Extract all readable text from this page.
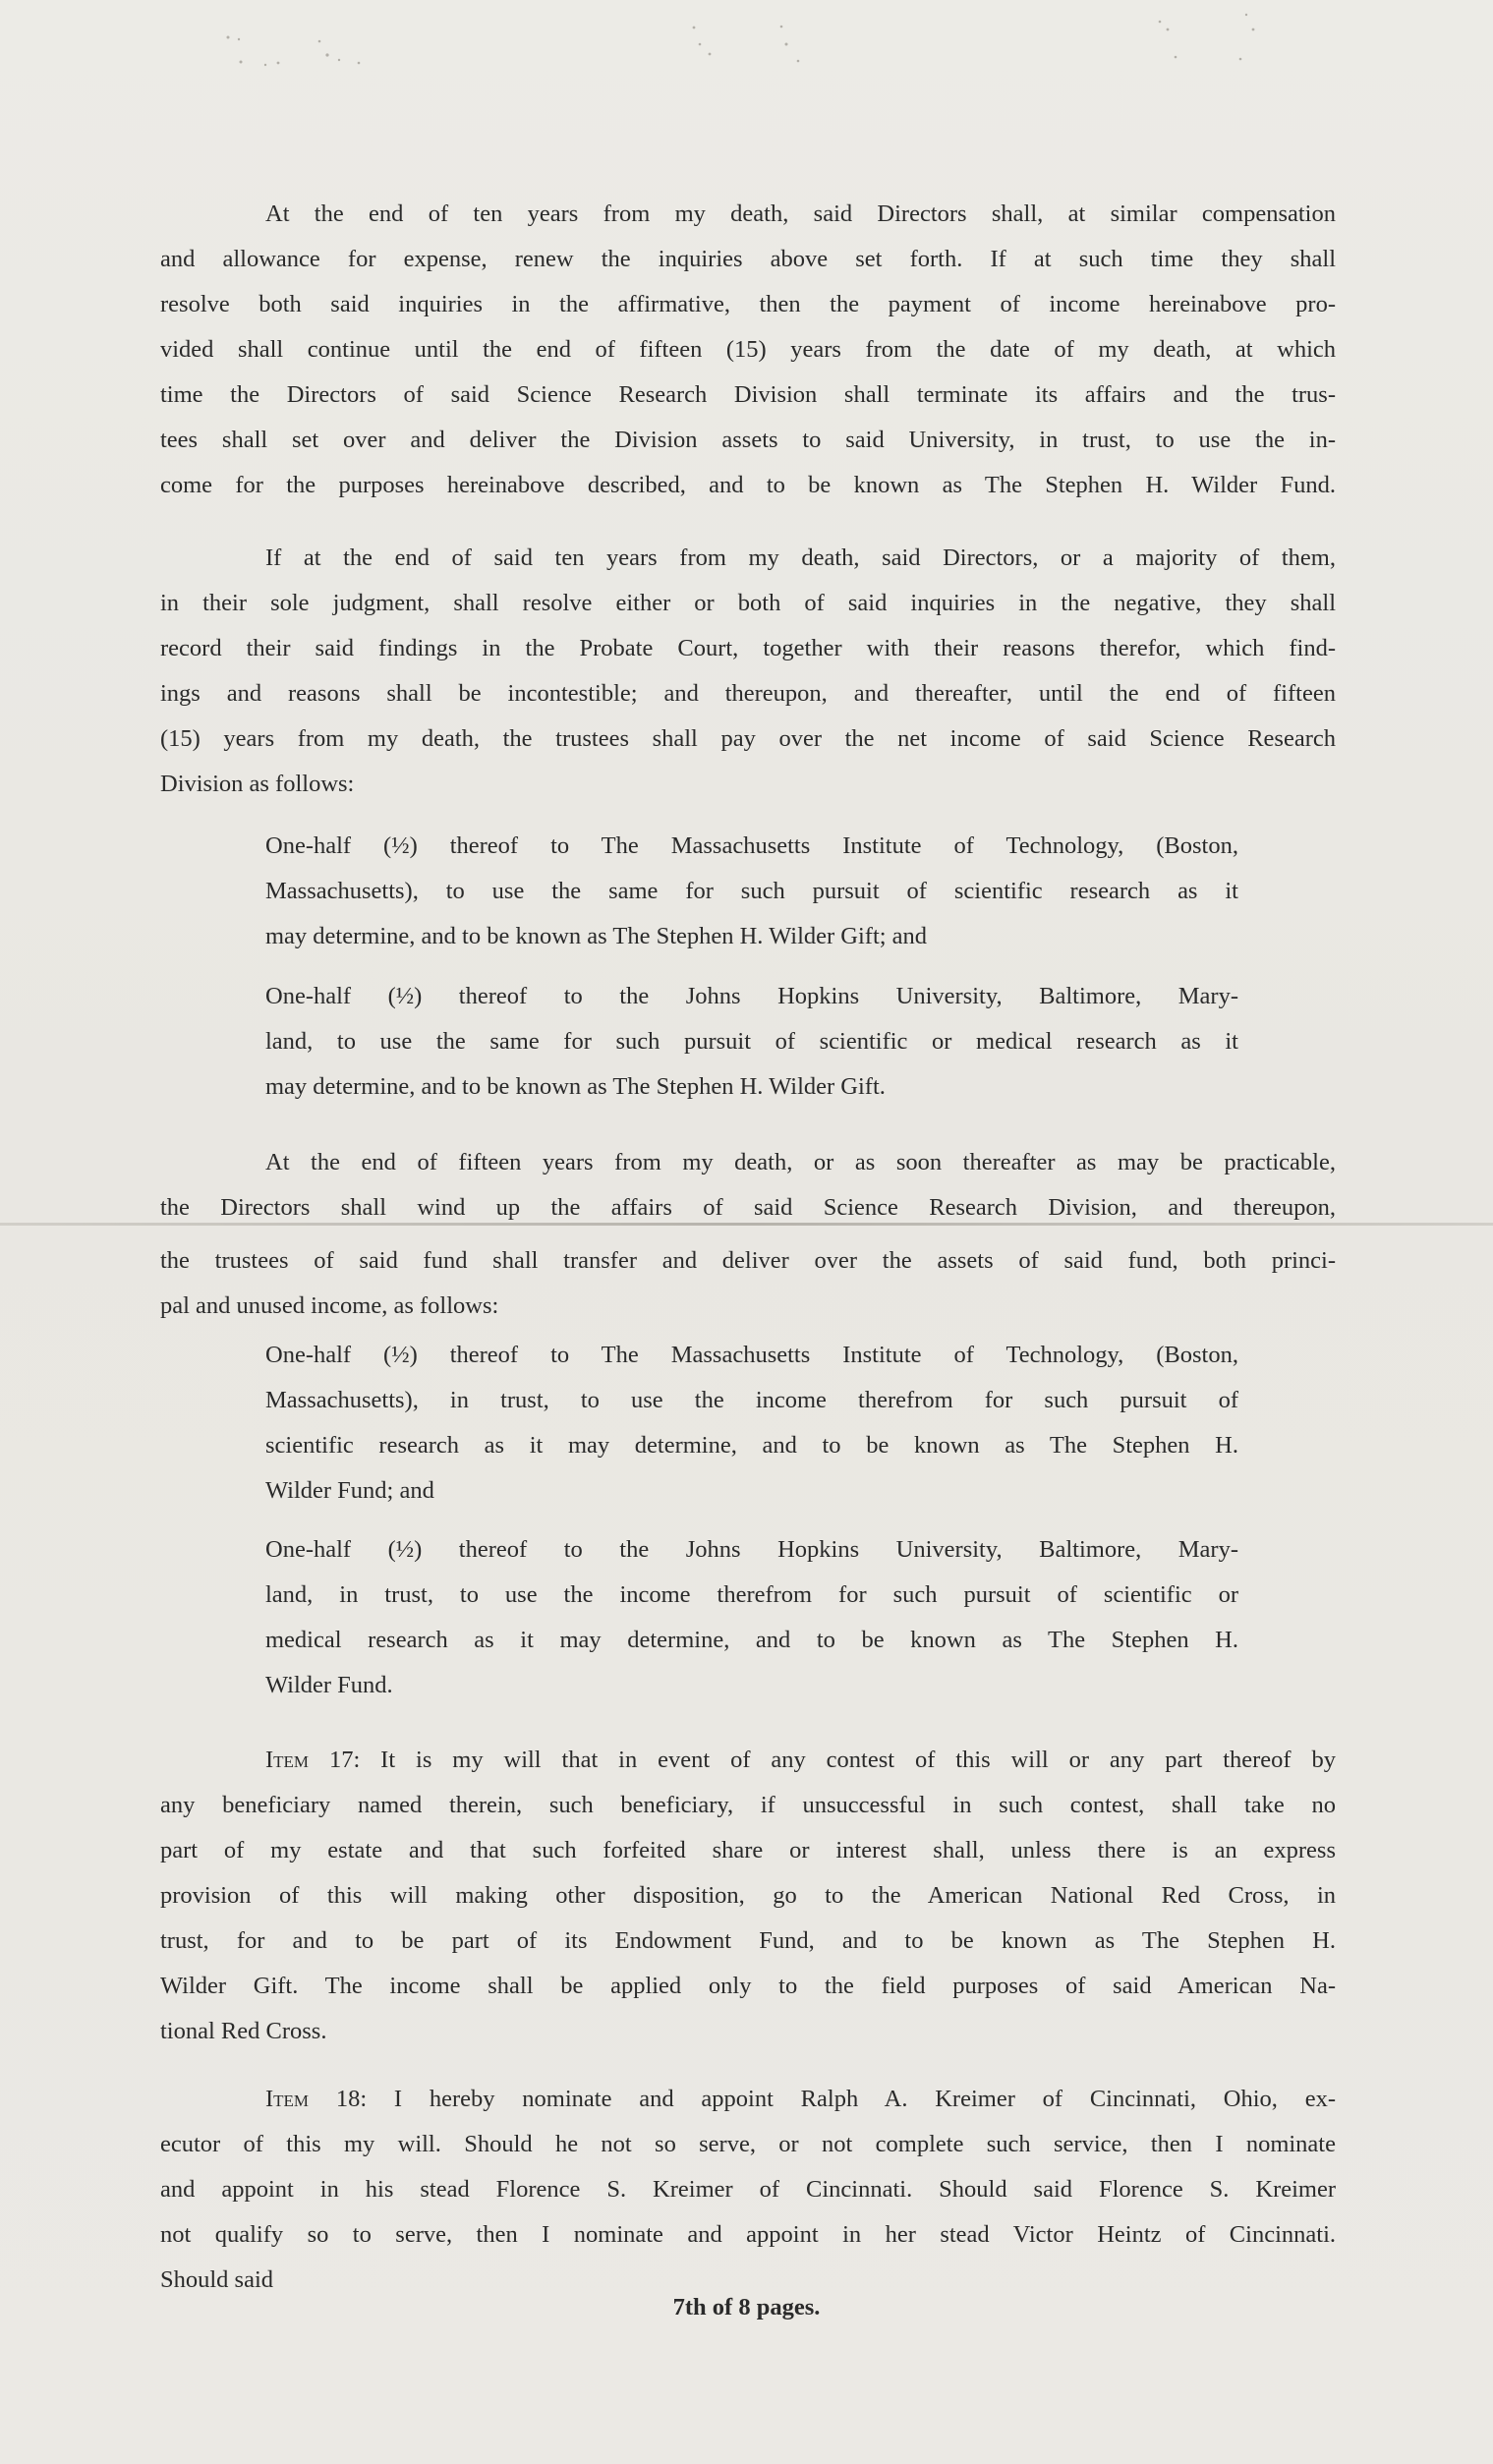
At the end of ten years from my death, said Directors shall, at similar compensation
and allowance for expense, renew the inquiries above set forth. If at such time they shall
resolve both said inquiries in the affirmative, then the payment of income hereinabove pro-
vided shall continue until the end of fifteen (15) years from the date of my death, at which
time the Directors of said Science Research Division shall terminate its affairs and the trus-
tees shall set over and deliver the Division assets to said University, in trust, to use the in-
come for the purposes hereinabove described, and to be known as The Stephen H. Wilder Fund.
If at the end of said ten years from my death, said Directors, or a majority of them,
in their sole judgment, shall resolve either or both of said inquiries in the negative, they shall
record their said findings in the Probate Court, together with their reasons therefor, which find-
ings and reasons shall be incontestible; and thereupon, and thereafter, until the end of fifteen
(15) years from my death, the trustees shall pay over the net income of said Science Research
Division as follows:
One-half (½) thereof to The Massachusetts Institute of Technology, (Boston,
Massachusetts), to use the same for such pursuit of scientific research as it
may determine, and to be known as The Stephen H. Wilder Gift; and
One-half (½) thereof to the Johns Hopkins University, Baltimore, Mary-
land, to use the same for such pursuit of scientific or medical research as it
may determine, and to be known as The Stephen H. Wilder Gift.
At the end of fifteen years from my death, or as soon thereafter as may be practicable,
the Directors shall wind up the affairs of said Science Research Division, and thereupon,
the trustees of said fund shall transfer and deliver over the assets of said fund, both princi-
pal and unused income, as follows:
One-half (½) thereof to The Massachusetts Institute of Technology, (Boston,
Massachusetts), in trust, to use the income therefrom for such pursuit of
scientific research as it may determine, and to be known as The Stephen H.
Wilder Fund; and
One-half (½) thereof to the Johns Hopkins University, Baltimore, Mary-
land, in trust, to use the income therefrom for such pursuit of scientific or
medical research as it may determine, and to be known as The Stephen H.
Wilder Fund.
Item 17: It is my will that in event of any contest of this will or any part thereof by
any beneficiary named therein, such beneficiary, if unsuccessful in such contest, shall take no
part of my estate and that such forfeited share or interest shall, unless there is an express
provision of this will making other disposition, go to the American National Red Cross, in
trust, for and to be part of its Endowment Fund, and to be known as The Stephen H.
Wilder Gift. The income shall be applied only to the field purposes of said American Na-
tional Red Cross.
Item 18: I hereby nominate and appoint Ralph A. Kreimer of Cincinnati, Ohio, ex-
ecutor of this my will. Should he not so serve, or not complete such service, then I nominate
and appoint in his stead Florence S. Kreimer of Cincinnati. Should said Florence S. Kreimer
not qualify so to serve, then I nominate and appoint in her stead Victor Heintz of Cincinnati.
Should said
7th of 8 pages.
